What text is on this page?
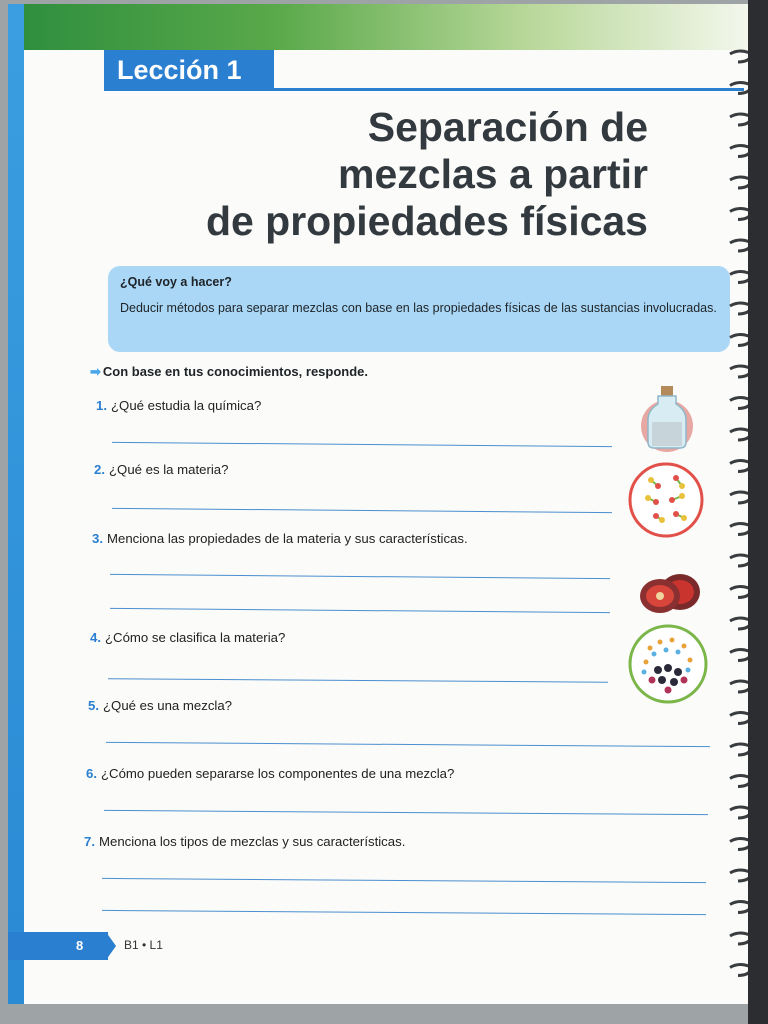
Lección 1
Separación de
mezclas a partir
de propiedades físicas
¿Qué voy a hacer?
Deducir métodos para separar mezclas con base en las propiedades físicas de las sustancias involucradas.
➡ Con base en tus conocimientos, responde.
1. ¿Qué estudia la química?
2. ¿Qué es la materia?
3. Menciona las propiedades de la materia y sus características.
4. ¿Cómo se clasifica la materia?
5. ¿Qué es una mezcla?
6. ¿Cómo pueden separarse los componentes de una mezcla?
7. Menciona los tipos de mezclas y sus características.
8	B1 • L1
